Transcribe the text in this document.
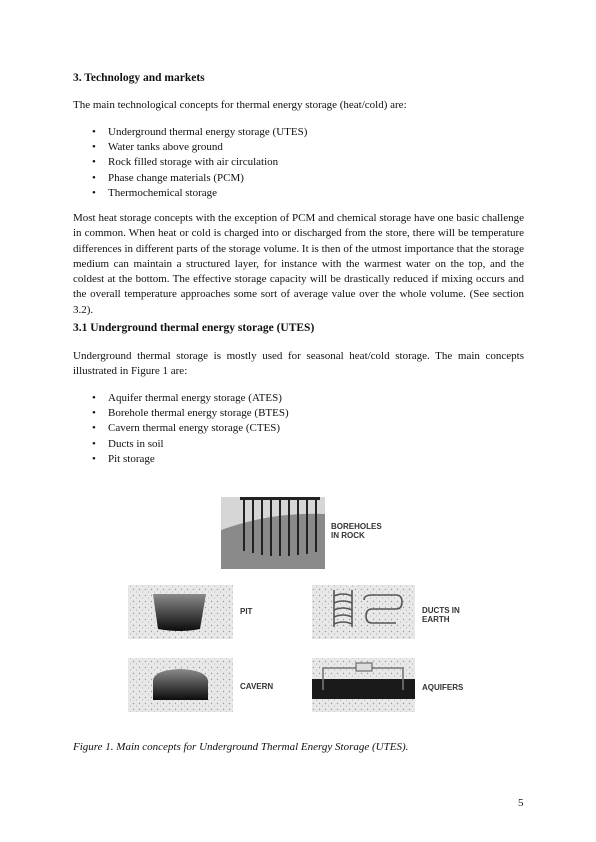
3. Technology and markets

The main technological concepts for thermal energy storage (heat/cold) are:

• Underground thermal energy storage (UTES)
• Water tanks above ground
• Rock filled storage with air circulation
• Phase change materials (PCM)
• Thermochemical storage

Most heat storage concepts with the exception of PCM and chemical storage have one basic challenge in common. When heat or cold is charged into or discharged from the store, there will be temperature differences in different parts of the storage volume. It is then of the utmost importance that the storage medium can maintain a structured layer, for instance with the warmest water on the top, and the coldest at the bottom. The effective storage capacity will be drastically reduced if mixing occurs and the overall temperature approaches some sort of average value over the whole volume. (See section 3.2).

3.1 Underground thermal energy storage (UTES)

Underground thermal storage is mostly used for seasonal heat/cold storage. The main concepts illustrated in Figure 1 are:

• Aquifer thermal energy storage (ATES)
• Borehole thermal energy storage (BTES)
• Cavern thermal energy storage (CTES)
• Ducts in soil
• Pit storage
BOREHOLES
IN ROCK
PIT	DUCTS IN
EARTH
CAVERN	AQUIFERS
Figure 1. Main concepts for Underground Thermal Energy Storage (UTES).
5
